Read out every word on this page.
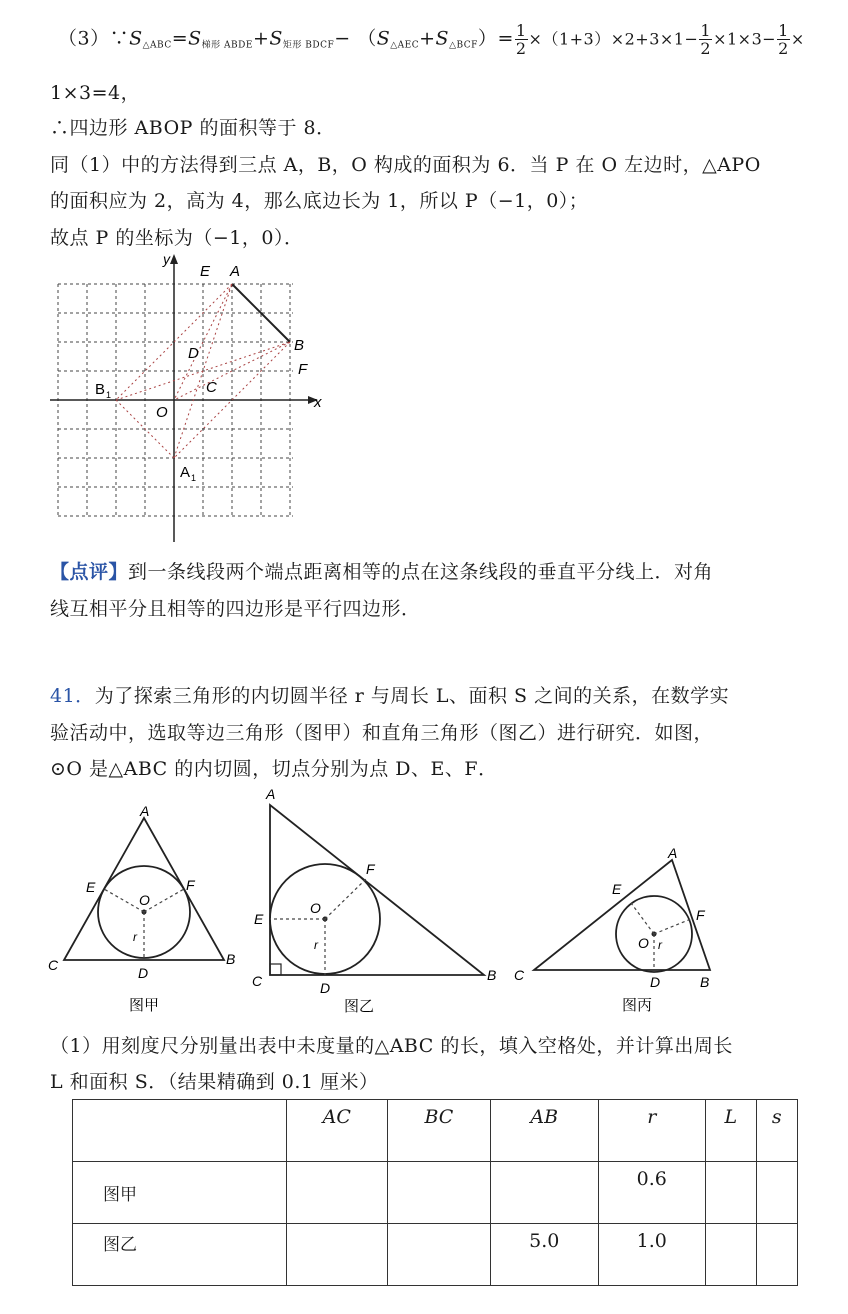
$(3)\because S_{\triangle ABC}=S_{梯形 ABDE}+S_{矩形 BDCF}- (S_{\triangle AEC}+S_{\triangle BCF})= \frac{1}{2} \times(1+3)\times 2+3\times 1- \frac{1}{2} \times 1\times 3- \frac{1}{2}$ ×
1×3=4，
∴四边形 ABOP 的面积等于 8．
同（1）中的方法得到三点 A，B，O 构成的面积为 6．当 P 在 O 左边时，△APO
的面积应为 2，高为 4，那么底边长为 1，所以 P（−1，0）；
故点 P 的坐标为（−1，0）．
y
x
E A
B
F
D
C
O
B 1
A 1
【点评】到一条线段两个端点距离相等的点在这条线段的垂直平分线上．对角
线互相平分且相等的四边形是平行四边形．
41．为了探索三角形的内切圆半径 r 与周长 L、面积 S 之间的关系，在数学实
验活动中，选取等边三角形（图甲）和直角三角形（图乙）进行研究．如图，
⊙O 是△ABC 的内切圆，切点分别为点 D、E、F．
A
C	B
D
E	F
O
r
图甲
A
C	B
D
E
F
O
r
图乙
A
C	B
D
E
F
O r
图丙
（1）用刻度尺分别量出表中未度量的△ABC 的长，填入空格处，并计算出周长
L 和面积 S．（结果精确到 0.1 厘米）
	AC	BC	AB	r	L	s
图甲				0.6		
图乙			5.0	1.0		
